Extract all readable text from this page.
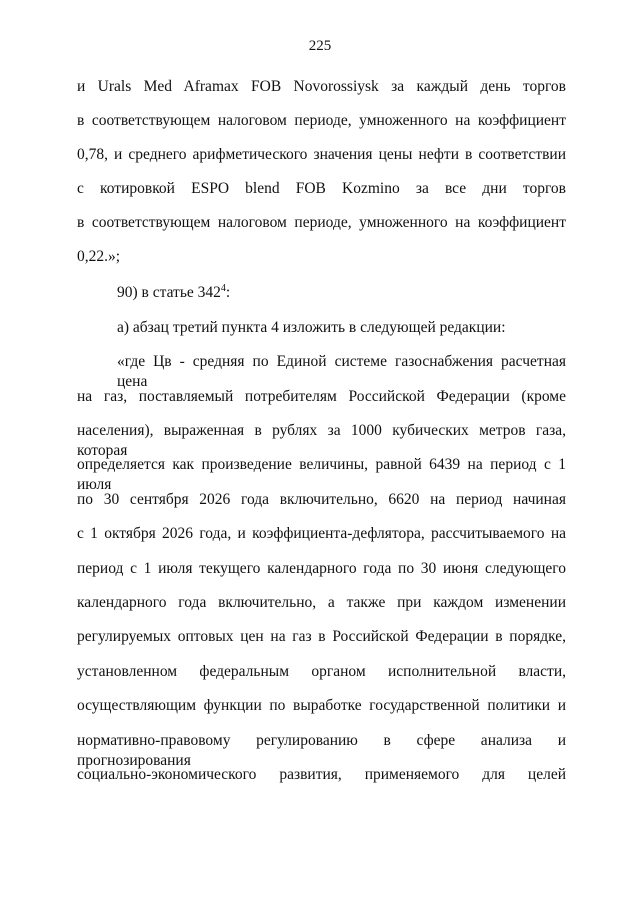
225
и Urals Med Aframax FOB Novorossiysk за каждый день торгов
в соответствующем налоговом периоде, умноженного на коэффициент
0,78, и среднего арифметического значения цены нефти в соответствии
с котировкой ESPO blend FOB Kozmino за все дни торгов
в соответствующем налоговом периоде, умноженного на коэффициент
0,22.»;
90) в статье $342^4$:
а) абзац третий пункта 4 изложить в следующей редакции:
«где Цв - средняя по Единой системе газоснабжения расчетная цена
на газ, поставляемый потребителям Российской Федерации (кроме
населения), выраженная в рублях за 1000 кубических метров газа, которая
определяется как произведение величины, равной 6439 на период с 1 июля
по 30 сентября 2026 года включительно, 6620 на период начиная
с 1 октября 2026 года, и коэффициента-дефлятора, рассчитываемого на
период с 1 июля текущего календарного года по 30 июня следующего
календарного года включительно, а также при каждом изменении
регулируемых оптовых цен на газ в Российской Федерации в порядке,
установленном федеральным органом исполнительной власти,
осуществляющим функции по выработке государственной политики и
нормативно-правовому регулированию в сфере анализа и прогнозирования
социально-экономического развития, применяемого для целей
